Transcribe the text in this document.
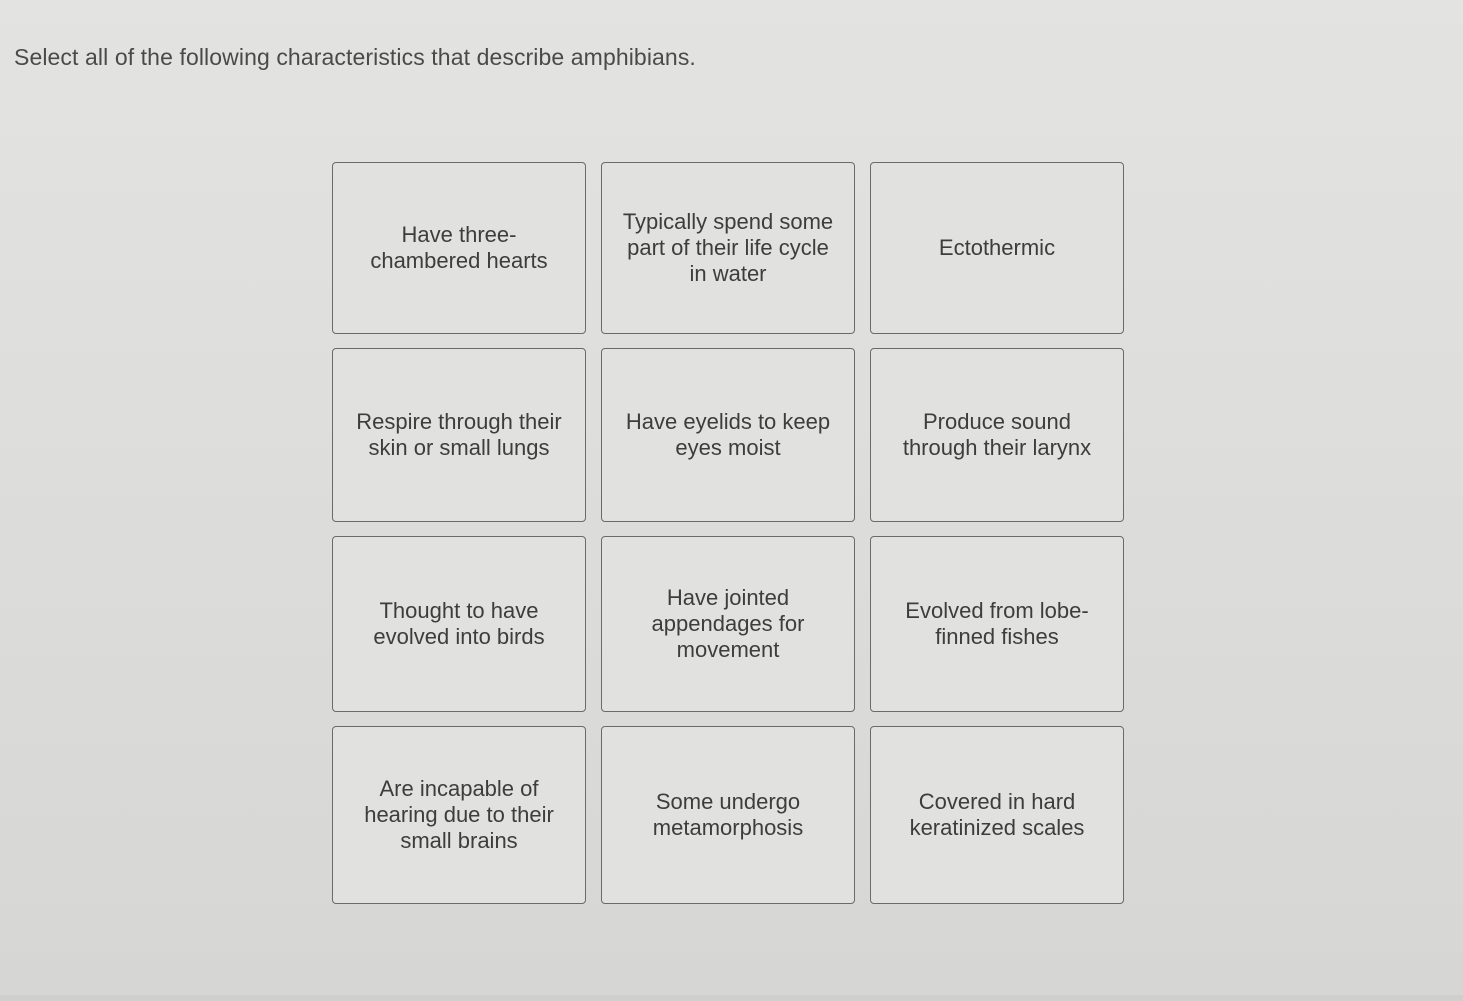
Select all of the following characteristics that describe amphibians.
Have three-
chambered hearts
Typically spend some part of their life cycle in water
Ectothermic
Respire through their skin or small lungs
Have eyelids to keep eyes moist
Produce sound through their larynx
Thought to have evolved into birds
Have jointed appendages for movement
Evolved from lobe-
finned fishes
Are incapable of hearing due to their small brains
Some undergo metamorphosis
Covered in hard keratinized scales
